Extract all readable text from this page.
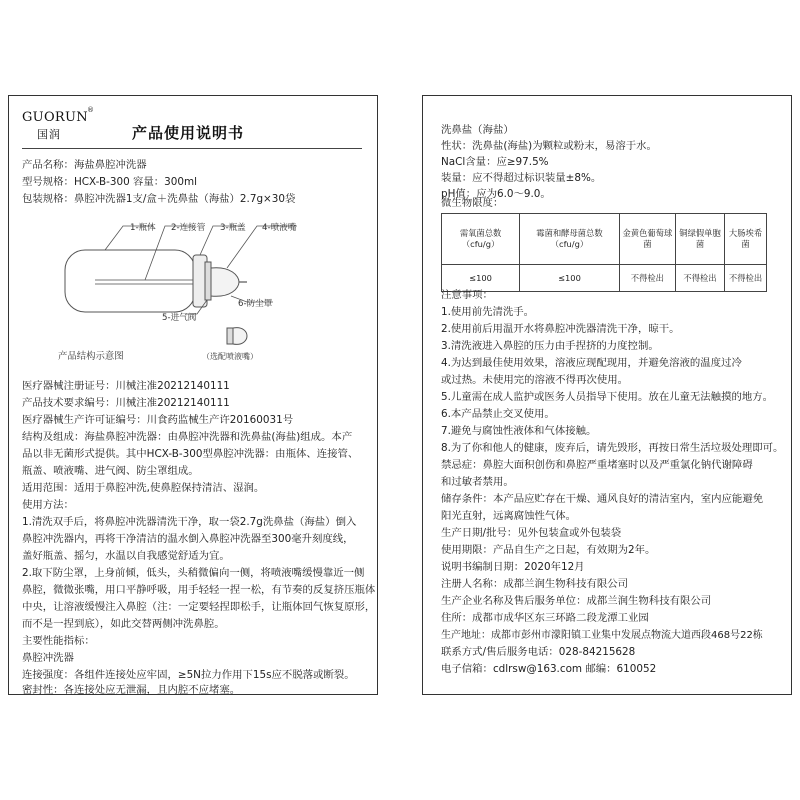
GUORUN ®
国润	产品使用说明书
产品名称：海盐鼻腔冲洗器
型号规格：HCX-B-300 容量：300ml
包装规格：鼻腔冲洗器1支/盒＋洗鼻盐（海盐）2.7g×30袋
1-瓶体 2-连接管 3-瓶盖 4-喷液嘴
6-防尘罩
5-进气阀
产品结构示意图	（选配喷液嘴）
医疗器械注册证号：川械注准20212140111
产品技术要求编号：川械注准20212140111
医疗器械生产许可证编号：川食药监械生产许20160031号
结构及组成：海盐鼻腔冲洗器：由鼻腔冲洗器和洗鼻盐(海盐)组成。本产
品以非无菌形式提供。其中HCX-B-300型鼻腔冲洗器：由瓶体、连接管、
瓶盖、喷液嘴、进气阀、防尘罩组成。
适用范围：适用于鼻腔冲洗,使鼻腔保持清洁、湿润。
使用方法：
1.清洗双手后，将鼻腔冲洗器清洗干净，取一袋2.7g洗鼻盐（海盐）倒入
鼻腔冲洗器内，再将干净清洁的温水倒入鼻腔冲洗器至300毫升刻度线，
盖好瓶盖、摇匀，水温以自我感觉舒适为宜。
2.取下防尘罩，上身前倾，低头，头稍微偏向一侧，将喷液嘴缓慢靠近一侧
鼻腔，微微张嘴，用口平静呼吸，用手轻轻一捏一松，有节奏的反复挤压瓶体
中央，让溶液缓慢注入鼻腔（注：一定要轻捏即松手，让瓶体回气恢复原形，
而不是一捏到底），如此交替两侧冲洗鼻腔。
主要性能指标：
鼻腔冲洗器
连接强度：各组件连接处应牢固，≥5N拉力作用下15s应不脱落或断裂。
洗鼻盐（海盐）
性状：洗鼻盐(海盐)为颗粒或粉末，易溶于水。
NaCl含量：应≥97.5%
装量：应不得超过标识装量±8%。
pH值：应为6.0～9.0。
微生物限度：
需氧菌总数（cfu/g）	霉菌和酵母菌总数（cfu/g）	金黄色葡萄球菌	铜绿假单胞菌	大肠埃希菌
≤100	≤100	不得检出	不得检出	不得检出
注意事项：
1.使用前先清洗手。
2.使用前后用温开水将鼻腔冲洗器清洗干净，晾干。
3.清洗液进入鼻腔的压力由手捏挤的力度控制。
4.为达到最佳使用效果，溶液应现配现用，并避免溶液的温度过冷
或过热。未使用完的溶液不得再次使用。
5.儿童需在成人监护或医务人员指导下使用。放在儿童无法触摸的地方。
6.本产品禁止交叉使用。
7.避免与腐蚀性液体和气体接触。
8.为了你和他人的健康，废弃后，请先毁形，再按日常生活垃圾处理即可。
禁忌症：鼻腔大面积创伤和鼻腔严重堵塞时以及严重氯化钠代谢障碍
和过敏者禁用。
储存条件：本产品应贮存在干燥、通风良好的清洁室内，室内应能避免
阳光直射，远离腐蚀性气体。
生产日期/批号：见外包装盒或外包装袋
使用期限：产品自生产之日起，有效期为2年。
说明书编制日期：2020年12月
注册人名称：成都兰润生物科技有限公司
生产企业名称及售后服务单位：成都兰润生物科技有限公司
住所：成都市成华区东三环路二段龙潭工业园
生产地址：成都市彭州市濛阳镇工业集中发展点物流大道西段468号22栋
联系方式/售后服务电话：028-84215628
电子信箱：cdlrsw@163.com 邮编：610052
密封性：各连接处应无泄漏，且内腔不应堵塞。
